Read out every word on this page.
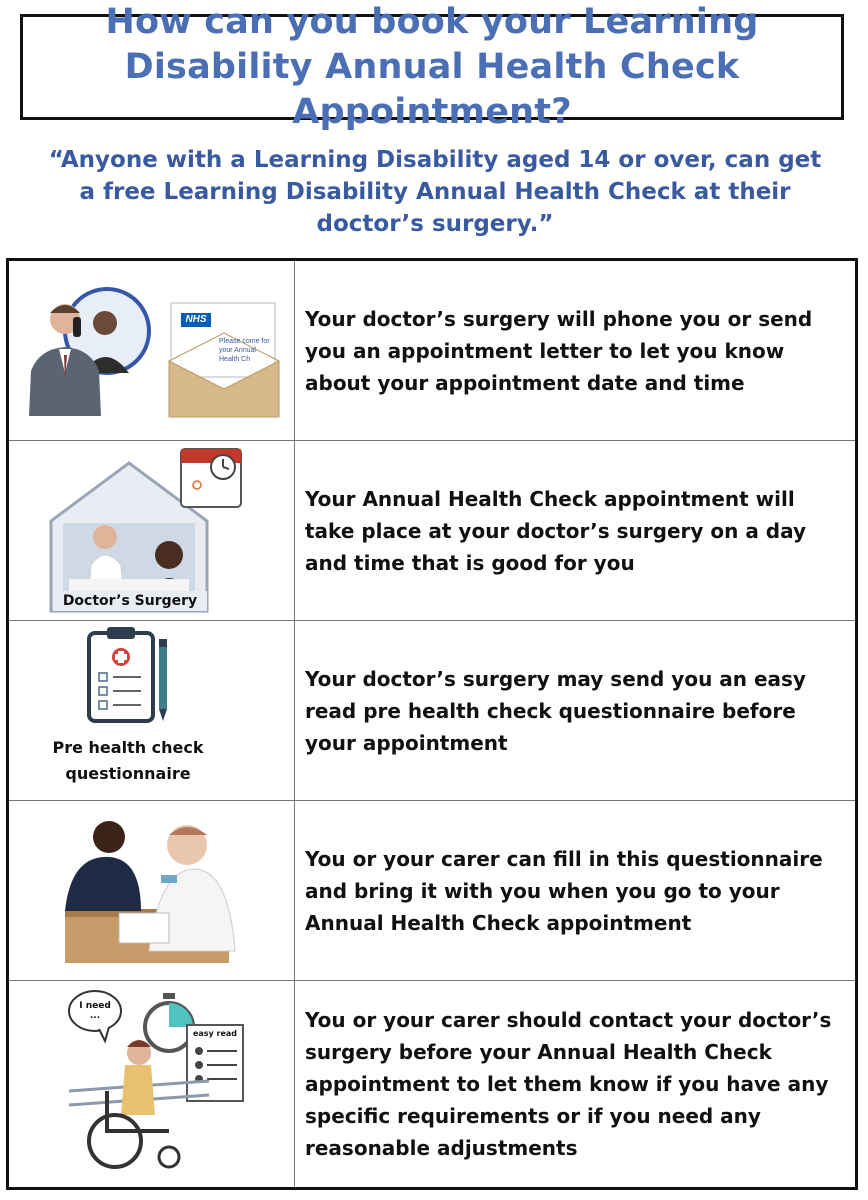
How can you book your Learning Disability Annual Health Check Appointment?

“Anyone with a Learning Disability aged 14 or over, can get a free Learning Disability Annual Health Check at their doctor’s surgery.”

NHS
Please come for your Annual Health Ch

Your doctor’s surgery will phone you or send you an appointment letter to let you know about your appointment date and time

Doctor’s Surgery

Your Annual Health Check appointment will take place at your doctor’s surgery on a day and time that is good for you

Pre health check questionnaire

Your doctor’s surgery may send you an easy read pre health check questionnaire before your appointment

You or your carer can fill in this questionnaire and bring it with you when you go to your Annual Health Check appointment

I need ...
easy read

You or your carer should contact your doctor’s surgery before your Annual Health Check appointment to let them know if you have any specific requirements or if you need any reasonable adjustments
